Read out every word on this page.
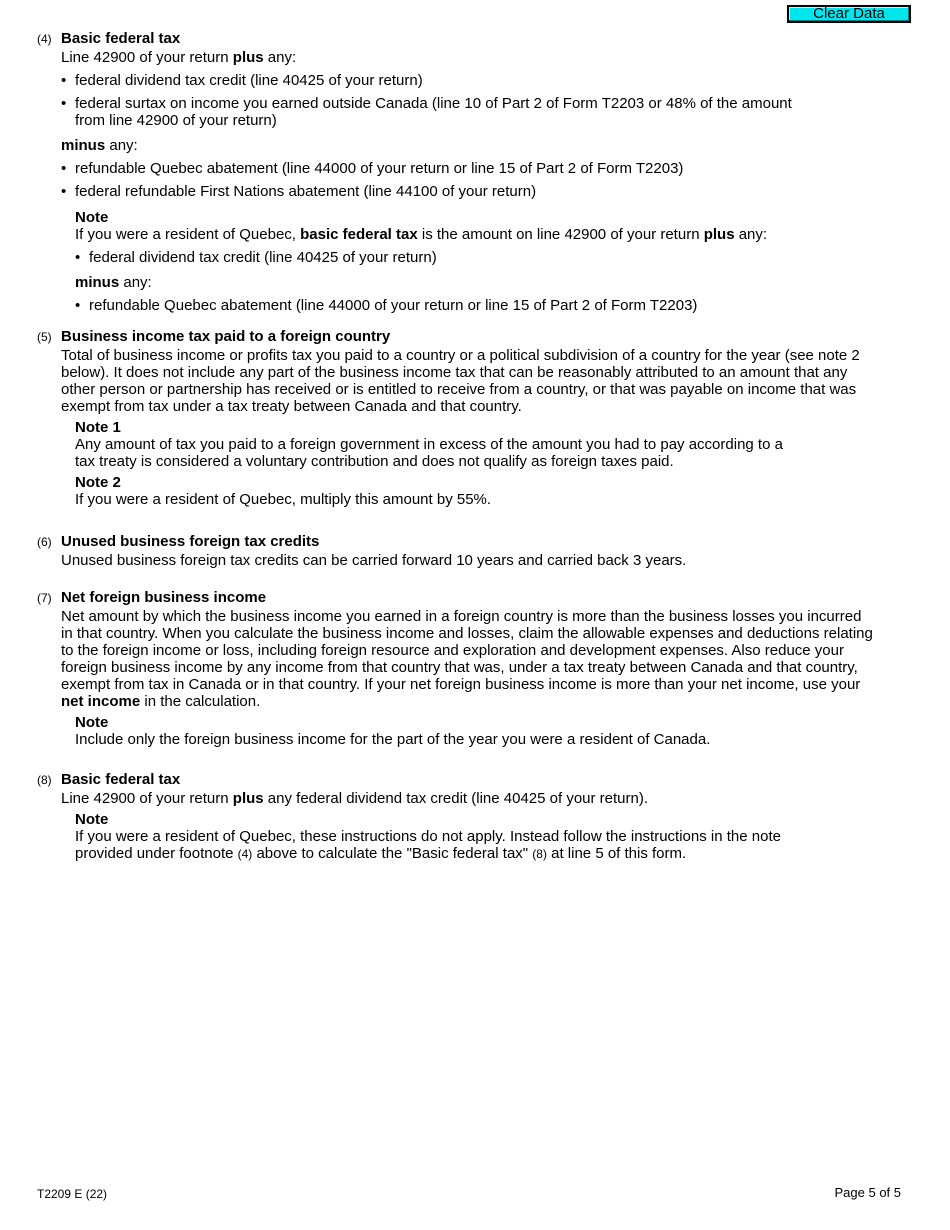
Clear Data
(4) Basic federal tax
Line 42900 of your return plus any:
• federal dividend tax credit (line 40425 of your return)
• federal surtax on income you earned outside Canada (line 10 of Part 2 of Form T2203 or 48% of the amount
from line 42900 of your return)
minus any:
• refundable Quebec abatement (line 44000 of your return or line 15 of Part 2 of Form T2203)
• federal refundable First Nations abatement (line 44100 of your return)
Note
If you were a resident of Quebec, basic federal tax is the amount on line 42900 of your return plus any:
• federal dividend tax credit (line 40425 of your return)
minus any:
• refundable Quebec abatement (line 44000 of your return or line 15 of Part 2 of Form T2203)
(5) Business income tax paid to a foreign country
Total of business income or profits tax you paid to a country or a political subdivision of a country for the year (see note 2
below). It does not include any part of the business income tax that can be reasonably attributed to an amount that any
other person or partnership has received or is entitled to receive from a country, or that was payable on income that was
exempt from tax under a tax treaty between Canada and that country.
Note 1
Any amount of tax you paid to a foreign government in excess of the amount you had to pay according to a
tax treaty is considered a voluntary contribution and does not qualify as foreign taxes paid.
Note 2
If you were a resident of Quebec, multiply this amount by 55%.
(6) Unused business foreign tax credits
Unused business foreign tax credits can be carried forward 10 years and carried back 3 years.
(7) Net foreign business income
Net amount by which the business income you earned in a foreign country is more than the business losses you incurred
in that country. When you calculate the business income and losses, claim the allowable expenses and deductions relating
to the foreign income or loss, including foreign resource and exploration and development expenses. Also reduce your
foreign business income by any income from that country that was, under a tax treaty between Canada and that country,
exempt from tax in Canada or in that country. If your net foreign business income is more than your net income, use your
net income in the calculation.
Note
Include only the foreign business income for the part of the year you were a resident of Canada.
(8) Basic federal tax
Line 42900 of your return plus any federal dividend tax credit (line 40425 of your return).
Note
If you were a resident of Quebec, these instructions do not apply. Instead follow the instructions in the note
provided under footnote (4) above to calculate the "Basic federal tax" (8) at line 5 of this form.
T2209 E (22)	Page 5 of 5
